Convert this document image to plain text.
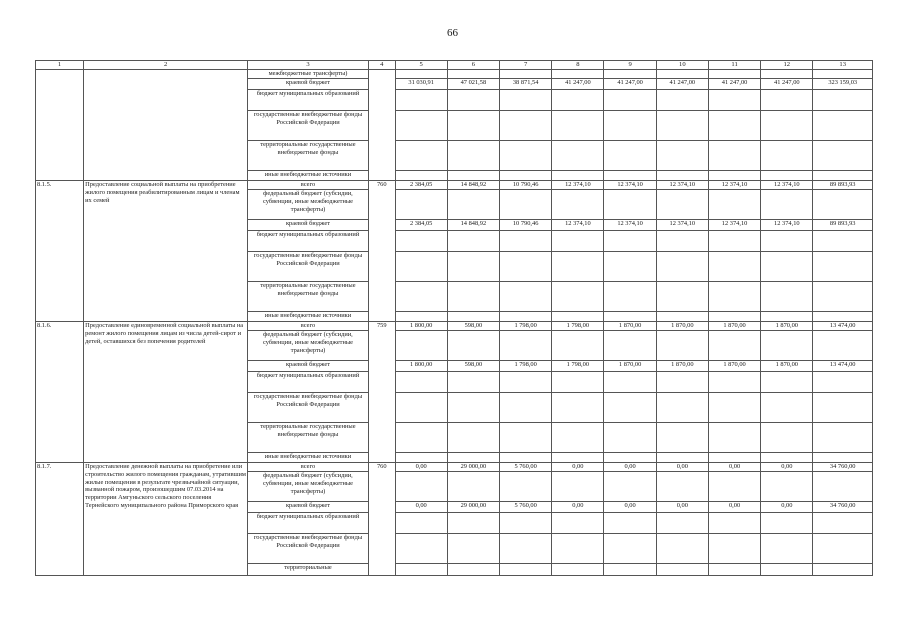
66
1	2	3	4	5	6	7	8	9	10	11	12	13
		межбюджетные трансферты)										
		краевой бюджет		31 030,91	47 021,58	38 871,54	41 247,00	41 247,00	41 247,00	41 247,00	41 247,00	323 159,03
		бюджет муниципальных образований										
		государственные внебюджетные фонды Российской Федерации										
		территориальные государственные внебюджетные фонды										
		иные внебюджетные источники										
8.1.5.	Предоставление социальной выплаты на приобретение жилого помещения реабилитированным лицам и членам их семей	всего	760	2 384,05	14 848,92	10 790,46	12 374,10	12 374,10	12 374,10	12 374,10	12 374,10	89 893,93
		федеральный бюджет (субсидии, субвенции, иные межбюджетные трансферты)										
		краевой бюджет		2 384,05	14 848,92	10 790,46	12 374,10	12 374,10	12 374,10	12 374,10	12 374,10	89 893,93
		бюджет муниципальных образований										
		государственные внебюджетные фонды Российской Федерации										
		территориальные государственные внебюджетные фонды										
		иные внебюджетные источники										
8.1.6.	Предоставление единовременной социальной выплаты на ремонт жилого помещения лицам из числа детей-сирот и детей, оставшихся без попечения родителей	всего	759	1 800,00	598,00	1 798,00	1 798,00	1 870,00	1 870,00	1 870,00	1 870,00	13 474,00
		федеральный бюджет (субсидии, субвенции, иные межбюджетные трансферты)										
		краевой бюджет		1 800,00	598,00	1 798,00	1 798,00	1 870,00	1 870,00	1 870,00	1 870,00	13 474,00
		бюджет муниципальных образований										
		государственные внебюджетные фонды Российской Федерации										
		территориальные государственные внебюджетные фонды										
		иные внебюджетные источники										
8.1.7.	Предоставление денежной выплаты на приобретение или строительство жилого помещения гражданам, утратившим жилые помещения в результате чрезвычайной ситуации, вызванной пожаром, произошедшим 07.03.2014 на территории Амгуньского сельского поселения Тернейского муниципального района Приморского края	всего	760	0,00	29 000,00	5 760,00	0,00	0,00	0,00	0,00	0,00	34 760,00
		федеральный бюджет (субсидии, субвенции, иные межбюджетные трансферты)										
		краевой бюджет		0,00	29 000,00	5 760,00	0,00	0,00	0,00	0,00	0,00	34 760,00
		бюджет муниципальных образований										
		государственные внебюджетные фонды Российской Федерации										
		территориальные										
